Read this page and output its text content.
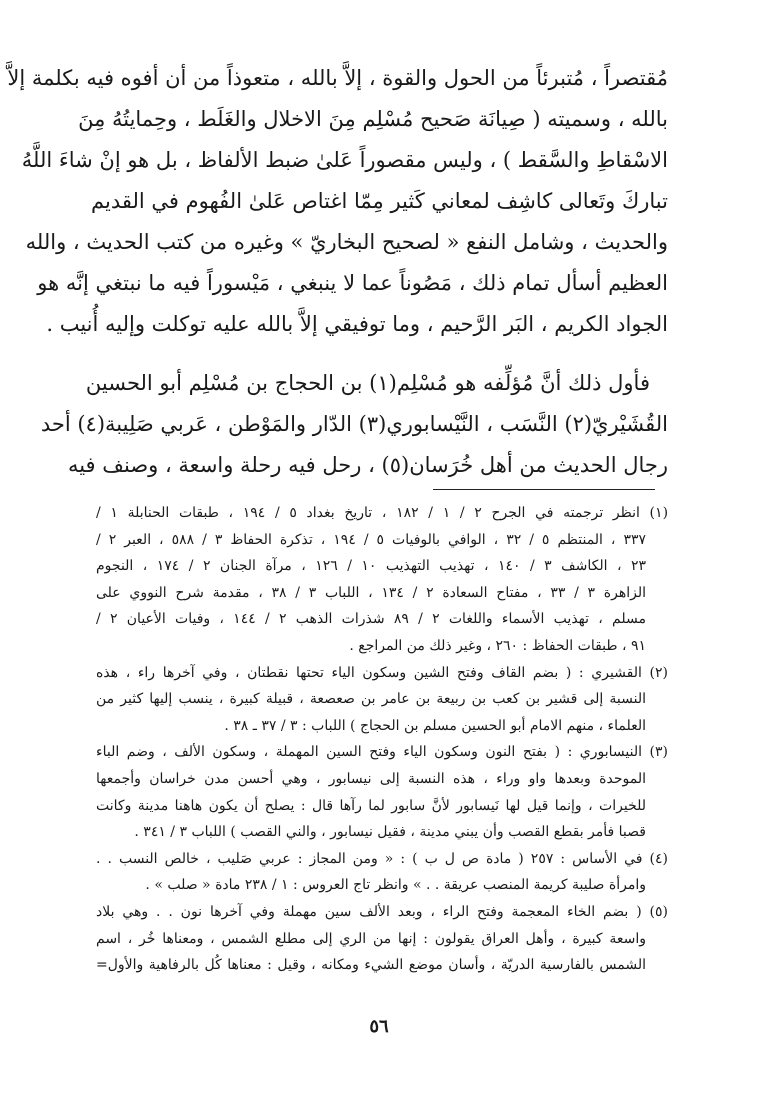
مُقتصراً ، مُتبرئاً من الحول والقوة ، إلاَّ بالله ، متعوذاً من أن أفوه فيه بكلمة إلاَّ
بالله ، وسميته ( صِيانَة صَحيح مُسْلِم مِنَ الاخلال والغَلَط ، وحِمايتُهُ مِنَ
الاسْقاطِ والسَّقط ) ، وليس مقصوراً عَلىٰ ضبط الألفاظ ، بل هو إنْ شاءَ اللَّهُ
تباركَ وتَعالى كاشِف لمعاني كَثير مِمّا اغتاص عَلىٰ الفُهوم في القديم
والحديث ، وشامل النفع « لصحيح البخاريّ » وغيره من كتب الحديث ، والله
العظيم أسأل تمام ذلك ، مَصُوناً عما لا ينبغي ، مَيْسوراً فيه ما نبتغي إنَّه هو
الجواد الكريم ، البَر الرَّحيم ، وما توفيقي إلاَّ بالله عليه توكلت وإليه أُنيب .
فأول ذلك أنَّ مُؤلِّفه هو مُسْلِم(١) بن الحجاج بن مُسْلِم أبو الحسين
القُشَيْريّ(٢) النَّسَب ، النَّيْسابوري(٣) الدّار والمَوْطن ، عَربي صَلِيبة(٤) أحد
رجال الحديث من أهل خُرَسان(٥) ، رحل فيه رحلة واسعة ، وصنف فيه
(١) انظر ترجمته في الجرح ٢ / ١ / ١٨٢ ، تاريخ بغداد ٥ / ١٩٤ ، طبقات الحنابلة ١ /
٣٣٧ ، المنتظم ٥ / ٣٢ ، الوافي بالوفيات ٥ / ١٩٤ ، تذكرة الحفاظ ٣ / ٥٨٨ ، العبر ٢ /
٢٣ ، الكاشف ٣ / ١٤٠ ، تهذيب التهذيب ١٠ / ١٢٦ ، مرآة الجنان ٢ / ١٧٤ ، النجوم
الزاهرة ٣ / ٣٣ ، مفتاح السعادة ٢ / ١٣٤ ، اللباب ٣ / ٣٨ ، مقدمة شرح النووي على
مسلم ، تهذيب الأسماء واللغات ٢ / ٨٩ شذرات الذهب ٢ / ١٤٤ ، وفيات الأعيان ٢ /
٩١ ، طبقات الحفاظ : ٢٦٠ ، وغير ذلك من المراجع .
(٢) القشيري : ( بضم القاف وفتح الشين وسكون الياء تحتها نقطتان ، وفي آخرها راء ، هذه
النسبة إلى قشير بن كعب بن ربيعة بن عامر بن صعصعة ، قبيلة كبيرة ، ينسب إليها كثير من
العلماء ، منهم الامام أبو الحسين مسلم بن الحجاج ) اللباب : ٣ / ٣٧ ـ ٣٨ .
(٣) النيسابوري : ( بفتح النون وسكون الياء وفتح السين المهملة ، وسكون الألف ، وضم الباء
الموحدة وبعدها واو وراء ، هذه النسبة إلى نيسابور ، وهي أحسن مدن خراسان وأجمعها
للخيرات ، وإنما قيل لها نَيسابور لأنَّ سابور لما رآها قال : يصلح أن يكون هاهنا مدينة وكانت
قصبا فأمر بقطع القصب وأن يبني مدينة ، فقيل نيسابور ، والني القصب ) اللباب ٣ / ٣٤١ .
(٤) في الأساس : ٢٥٧ ( مادة ص ل ب ) : « ومن المجاز : عربي صَليب ، خالص النسب . .
وامرأة صليبة كريمة المنصب عريقة . . » وانظر تاج العروس : ١ / ٢٣٨ مادة « صلب » .
(٥) ( بضم الخاء المعجمة وفتح الراء ، وبعد الألف سين مهملة وفي آخرها نون . . وهي بلاد
واسعة كبيرة ، وأهل العراق يقولون : إنها من الري إلى مطلع الشمس ، ومعناها خُر ، اسم
الشمس بالفارسية الدريّة ، وأسان موضع الشيء ومكانه ، وقيل : معناها كُل بالرفاهية والأول=
٥٦
